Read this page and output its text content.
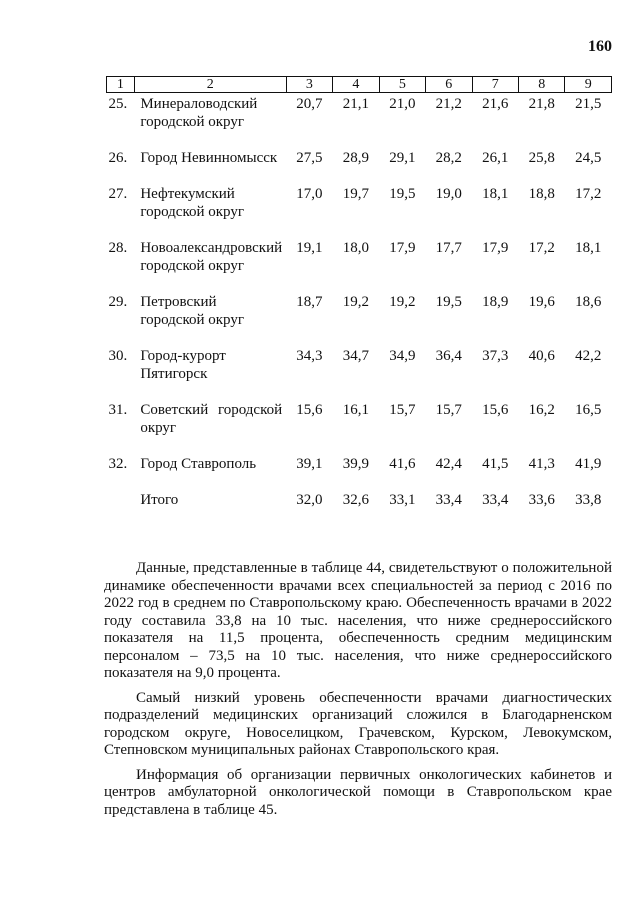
160
1	2	3	4	5	6	7	8	9
25.	Минераловодский городской округ	20,7	21,1	21,0	21,2	21,6	21,8	21,5
26.	Город Невинномысск	27,5	28,9	29,1	28,2	26,1	25,8	24,5
27.	Нефтекумский городской округ	17,0	19,7	19,5	19,0	18,1	18,8	17,2
28.	Новоалександровский городской округ	19,1	18,0	17,9	17,7	17,9	17,2	18,1
29.	Петровский городской округ	18,7	19,2	19,2	19,5	18,9	19,6	18,6
30.	Город-курорт Пятигорск	34,3	34,7	34,9	36,4	37,3	40,6	42,2
31.	Советский городской округ	15,6	16,1	15,7	15,7	15,6	16,2	16,5
32.	Город Ставрополь	39,1	39,9	41,6	42,4	41,5	41,3	41,9
	Итого	32,0	32,6	33,1	33,4	33,4	33,6	33,8

Данные, представленные в таблице 44, свидетельствуют о положительной динамике обеспеченности врачами всех специальностей за период с 2016 по 2022 год в среднем по Ставропольскому краю. Обеспеченность врачами в 2022 году составила 33,8 на 10 тыс. населения, что ниже среднероссийского показателя на 11,5 процента, обеспеченность средним медицинским персоналом – 73,5 на 10 тыс. населения, что ниже среднероссийского показателя на 9,0 процента.

Самый низкий уровень обеспеченности врачами диагностических подразделений медицинских организаций сложился в Благодарненском городском округе, Новоселицком, Грачевском, Курском, Левокумском, Степновском муниципальных районах Ставропольского края.

Информация об организации первичных онкологических кабинетов и центров амбулаторной онкологической помощи в Ставропольском крае представлена в таблице 45.
